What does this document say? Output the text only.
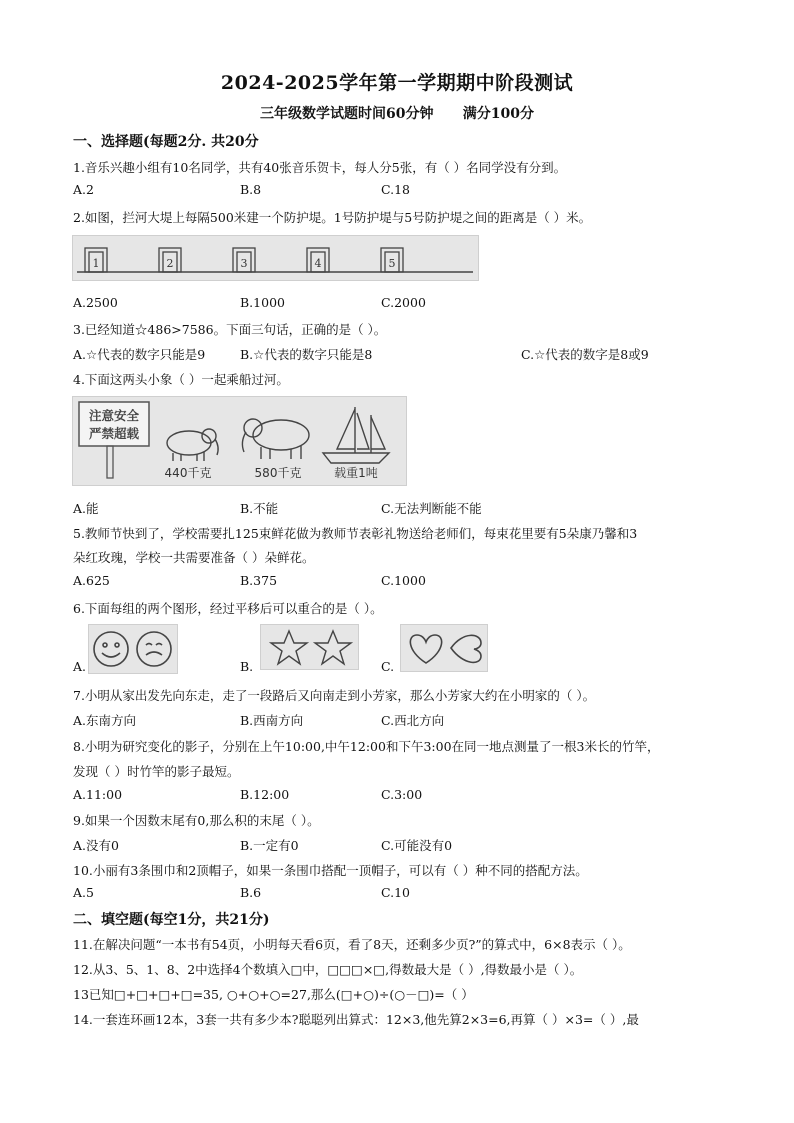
2024-2025学年第一学期期中阶段测试
三年级数学试题时间60分钟      满分100分
一、选择题(每题2分. 共20分
1.音乐兴趣小组有10名同学，共有40张音乐贺卡，每人分5张，有（ ）名同学没有分到。
A.2	B.8	C.18
2.如图，拦河大堤上每隔500米建一个防护堤。1号防护堤与5号防护堤之间的距离是（ ）米。
1	2	3	4	5
A.2500	B.1000	C.2000
3.已经知道☆486>7586。下面三句话，正确的是（ ）。
A.☆代表的数字只能是9	B.☆代表的数字只能是8	C.☆代表的数字是8或9
4.下面这两头小象（ ）一起乘船过河。
注意安全
严禁超载
440千克	580千克	载重1吨
A.能	B.不能	C.无法判断能不能
5.教师节快到了，学校需要扎125束鲜花做为教师节表彰礼物送给老师们，每束花里要有5朵康乃馨和3
朵红玫瑰，学校一共需要准备（ ）朵鲜花。
A.625	B.375	C.1000
6.下面每组的两个图形，经过平移后可以重合的是（ ）。
A.	B.	C.
7.小明从家出发先向东走，走了一段路后又向南走到小芳家，那么小芳家大约在小明家的（ ）。
A.东南方向	B.西南方向	C.西北方向
8.小明为研究变化的影子，分别在上午10:00,中午12:00和下午3:00在同一地点测量了一根3米长的竹竿，
发现（ ）时竹竿的影子最短。
A.11:00	B.12:00	C.3:00
9.如果一个因数末尾有0,那么积的末尾（ ）。
A.没有0	B.一定有0	C.可能没有0
10.小丽有3条围巾和2顶帽子，如果一条围巾搭配一顶帽子，可以有（ ）种不同的搭配方法。
A.5	B.6	C.10
二、填空题(每空1分，共21分)
11.在解决问题“一本书有54页，小明每天看6页，看了8天，还剩多少页?”的算式中，6×8表示（ ）。
12.从3、5、1、8、2中选择4个数填入□中，□□□×□,得数最大是（ ）,得数最小是（ ）。
13已知□+□+□+□=35, ○+○+○=27,那么(□+○)÷(○－□)=（ ）
14.一套连环画12本，3套一共有多少本?聪聪列出算式：12×3,他先算2×3=6,再算（ ）×3=（ ）,最
